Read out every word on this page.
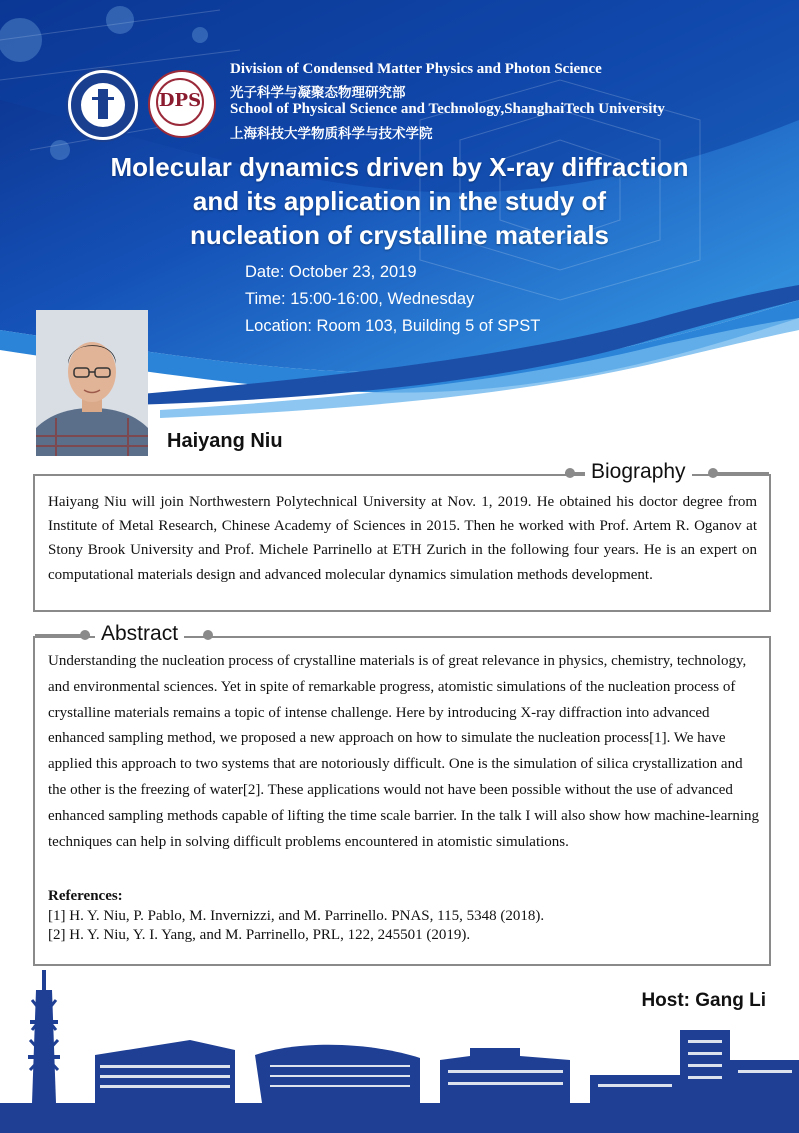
DPS
Division of Condensed Matter Physics and Photon Science
光子科学与凝聚态物理研究部
School of Physical Science and Technology,ShanghaiTech University
上海科技大学物质科学与技术学院
Molecular dynamics driven by X-ray diffraction
and its application in the study of
nucleation of crystalline materials
Date: October 23, 2019
Time: 15:00-16:00, Wednesday
Location: Room 103, Building 5 of SPST
Haiyang Niu
Biography
Haiyang Niu will join Northwestern Polytechnical University at Nov. 1, 2019. He obtained his doctor degree from Institute of Metal Research, Chinese Academy of Sciences in 2015. Then he worked with Prof. Artem R. Oganov at Stony Brook University and Prof. Michele Parrinello at ETH Zurich in the following four years. He is an expert on computational materials design and advanced molecular dynamics simulation methods development.
Abstract

Understanding the nucleation process of crystalline materials is of great relevance in physics, chemistry, technology, and environmental sciences. Yet in spite of remarkable progress, atomistic simulations of the nucleation process of crystalline materials remains a topic of intense challenge. Here by introducing X-ray diffraction into advanced enhanced sampling method, we proposed a new approach on how to simulate the nucleation process[1]. We have applied this approach to two systems that are notoriously difficult. One is the simulation of silica crystallization and the other is the freezing of water[2]. These applications would not have been possible without the use of advanced enhanced sampling methods capable of lifting the time scale barrier. In the talk I will also show how machine-learning techniques can help in solving difficult problems encountered in atomistic simulations.

References:
[1] H. Y. Niu, P. Pablo, M. Invernizzi, and M. Parrinello. PNAS, 115, 5348 (2018).
[2] H. Y. Niu, Y. I. Yang, and M. Parrinello, PRL, 122, 245501 (2019).
Host: Gang Li
